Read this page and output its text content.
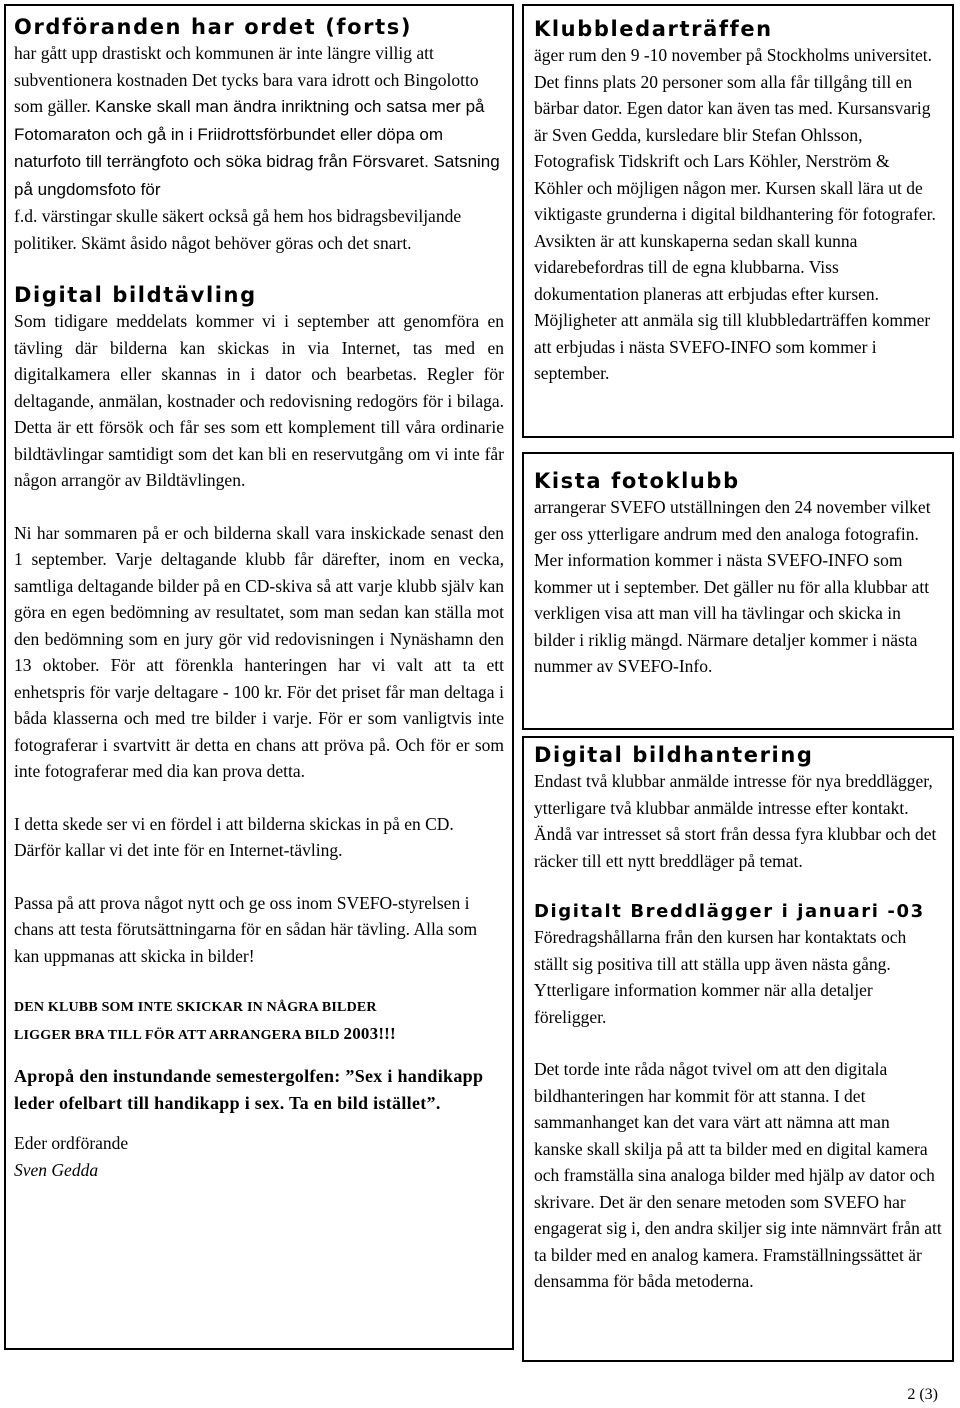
Ordföranden har ordet (forts)

har gått upp drastiskt och kommunen är inte längre villig att subventionera kostnaden Det tycks bara vara idrott och Bingolotto som gäller. Kanske skall man ändra inriktning och satsa mer på Fotomaraton och gå in i Friidrottsförbundet eller döpa om naturfoto till terrängfoto och söka bidrag från Försvaret. Satsning på ungdomsfoto för

f.d. värstingar skulle säkert också gå hem hos bidragsbeviljande politiker. Skämt åsido något behöver göras och det snart.

Digital bildtävling

Som tidigare meddelats kommer vi i september att genomföra en tävling där bilderna kan skickas in via Internet, tas med en digitalkamera eller skannas in i dator och bearbetas. Regler för deltagande, anmälan, kostnader och redovisning redogörs för i bilaga. Detta är ett försök och får ses som ett komplement till våra ordinarie bildtävlingar samtidigt som det kan bli en reservutgång om vi inte får någon arrangör av Bildtävlingen.

Ni har sommaren på er och bilderna skall vara inskickade senast den 1 september. Varje deltagande klubb får därefter, inom en vecka, samtliga deltagande bilder på en CD-skiva så att varje klubb själv kan göra en egen bedömning av resultatet, som man sedan kan ställa mot den bedömning som en jury gör vid redovisningen i Nynäshamn den 13 oktober. För att förenkla hanteringen har vi valt att ta ett enhetspris för varje deltagare - 100 kr. För det priset får man deltaga i båda klasserna och med tre bilder i varje. För er som vanligtvis inte fotograferar i svartvitt är detta en chans att pröva på. Och för er som inte fotograferar med dia kan prova detta.

I detta skede ser vi en fördel i att bilderna skickas in på en CD. Därför kallar vi det inte för en Internet-tävling.

Passa på att prova något nytt och ge oss inom SVEFO-styrelsen i chans att testa förutsättningarna för en sådan här tävling. Alla som kan uppmanas att skicka in bilder!

DEN KLUBB SOM INTE SKICKAR IN NÅGRA BILDER
LIGGER BRA TILL FÖR ATT ARRANGERA BILD 2003!!!

Apropå den instundande semestergolfen: ”Sex i handikapp leder ofelbart till handikapp i sex. Ta en bild istället”.

Eder ordförande

Sven Gedda

Klubbledarträffen

äger rum den 9 -10 november på Stockholms universitet. Det finns plats 20 personer som alla får tillgång till en bärbar dator. Egen dator kan även tas med. Kursansvarig är Sven Gedda, kursledare blir Stefan Ohlsson, Fotografisk Tidskrift och Lars Köhler, Nerström & Köhler och möjligen någon mer. Kursen skall lära ut de viktigaste grunderna i digital bildhantering för fotografer. Avsikten är att kunskaperna sedan skall kunna vidarebefordras till de egna klubbarna. Viss dokumentation planeras att erbjudas efter kursen. Möjligheter att anmäla sig till klubbledarträffen kommer att erbjudas i nästa SVEFO-INFO som kommer i september.

Kista fotoklubb

arrangerar SVEFO utställningen den 24 november vilket ger oss ytterligare andrum med den analoga fotografin. Mer information kommer i nästa SVEFO-INFO som kommer ut i september. Det gäller nu för alla klubbar att verkligen visa att man vill ha tävlingar och skicka in bilder i riklig mängd. Närmare detaljer kommer i nästa nummer av SVEFO-Info.

Digital bildhantering

Endast två klubbar anmälde intresse för nya breddlägger, ytterligare två klubbar anmälde intresse efter kontakt. Ändå var intresset så stort från dessa fyra klubbar och det räcker till ett nytt breddläger på temat.

Digitalt Breddlägger i januari -03

Föredragshållarna från den kursen har kontaktats och ställt sig positiva till att ställa upp även nästa gång. Ytterligare information kommer när alla detaljer föreligger.

Det torde inte råda något tvivel om att den digitala bildhanteringen har kommit för att stanna. I det sammanhanget kan det vara värt att nämna att man kanske skall skilja på att ta bilder med en digital kamera och framställa sina analoga bilder med hjälp av dator och skrivare. Det är den senare metoden som SVEFO har engagerat sig i, den andra skiljer sig inte nämnvärt från att ta bilder med en analog kamera. Framställningssättet är densamma för båda metoderna.

2 (3)
